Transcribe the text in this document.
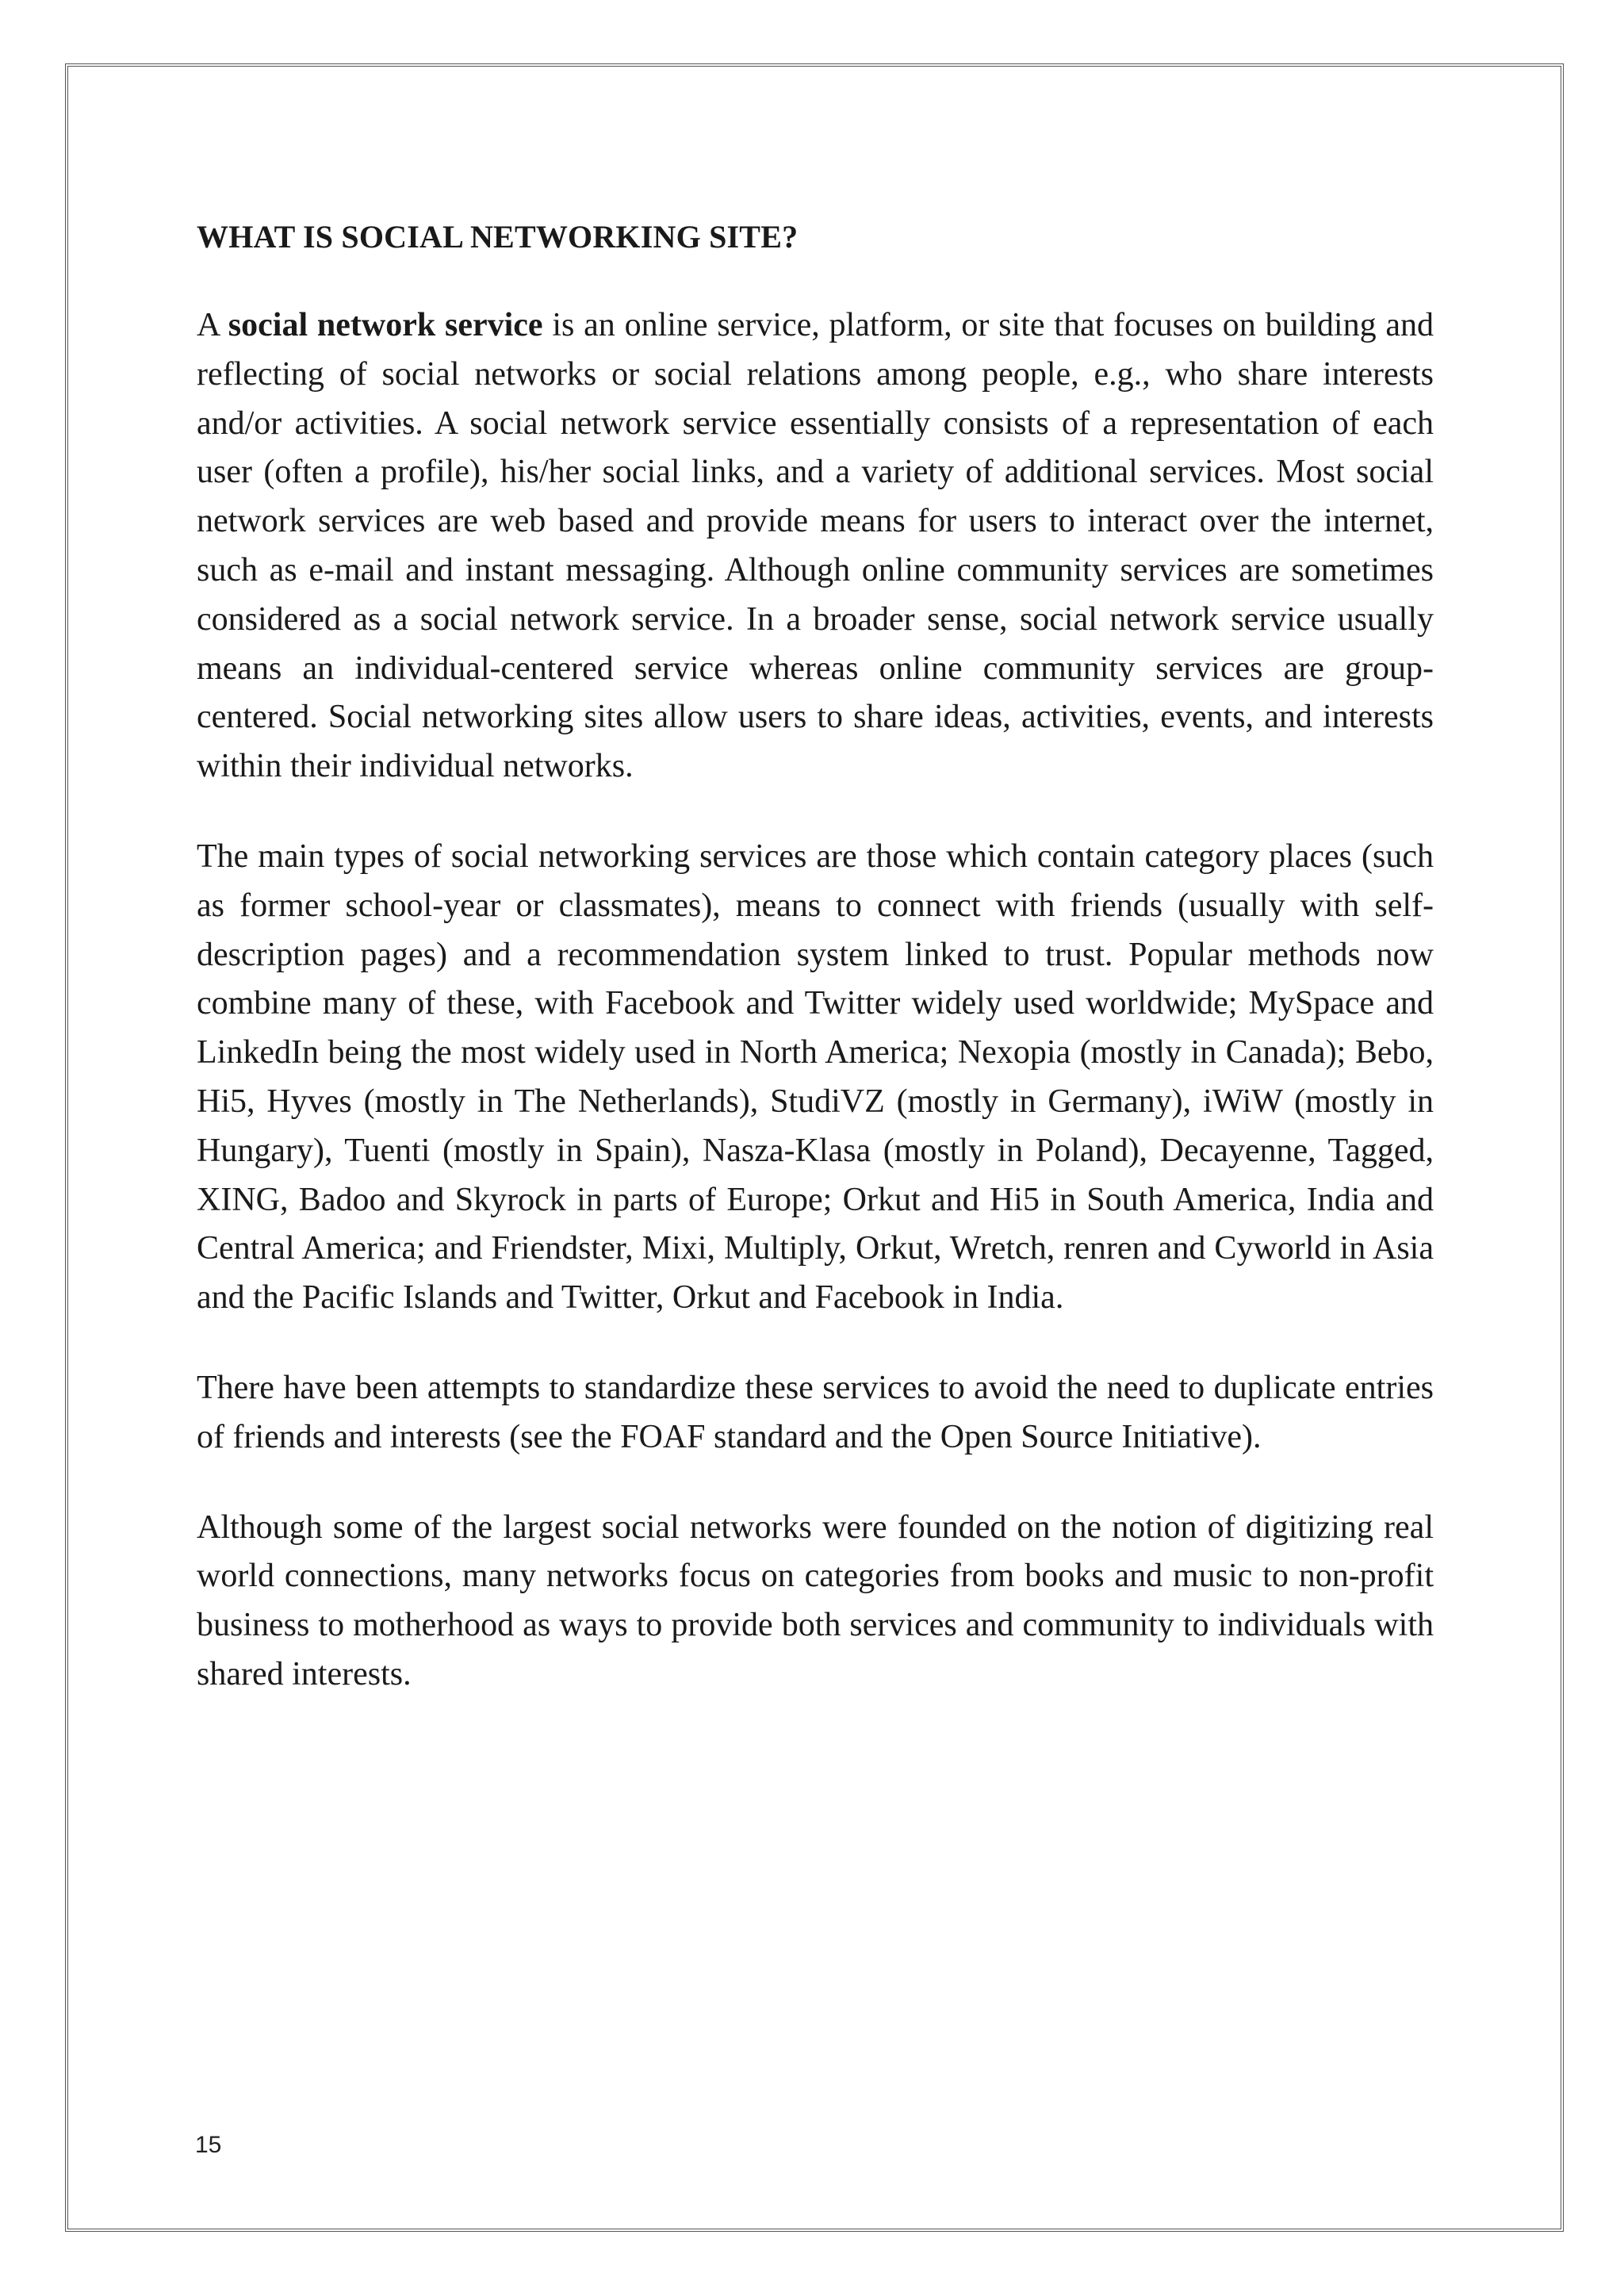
WHAT IS SOCIAL NETWORKING SITE?

A social network service is an online service, platform, or site that focuses on building and reflecting of social networks or social relations among people, e.g., who share interests and/or activities. A social network service essentially consists of a representation of each user (often a profile), his/her social links, and a variety of additional services. Most social network services are web based and provide means for users to interact over the internet, such as e-mail and instant messaging. Although online community services are sometimes considered as a social network service. In a broader sense, social network service usually means an individual-centered service whereas online community services are group-centered. Social networking sites allow users to share ideas, activities, events, and interests within their individual networks.

The main types of social networking services are those which contain category places (such as former school-year or classmates), means to connect with friends (usually with self-description pages) and a recommendation system linked to trust. Popular methods now combine many of these, with Facebook and Twitter widely used worldwide; MySpace and LinkedIn being the most widely used in North America; Nexopia (mostly in Canada); Bebo, Hi5, Hyves (mostly in The Netherlands), StudiVZ (mostly in Germany), iWiW (mostly in Hungary), Tuenti (mostly in Spain), Nasza-Klasa (mostly in Poland), Decayenne, Tagged, XING, Badoo and Skyrock in parts of Europe; Orkut and Hi5 in South America, India and Central America; and Friendster, Mixi, Multiply, Orkut, Wretch, renren and Cyworld in Asia and the Pacific Islands and Twitter, Orkut and Facebook in India.

There have been attempts to standardize these services to avoid the need to duplicate entries of friends and interests (see the FOAF standard and the Open Source Initiative).

Although some of the largest social networks were founded on the notion of digitizing real world connections, many networks focus on categories from books and music to non-profit business to motherhood as ways to provide both services and community to individuals with shared interests.

15
